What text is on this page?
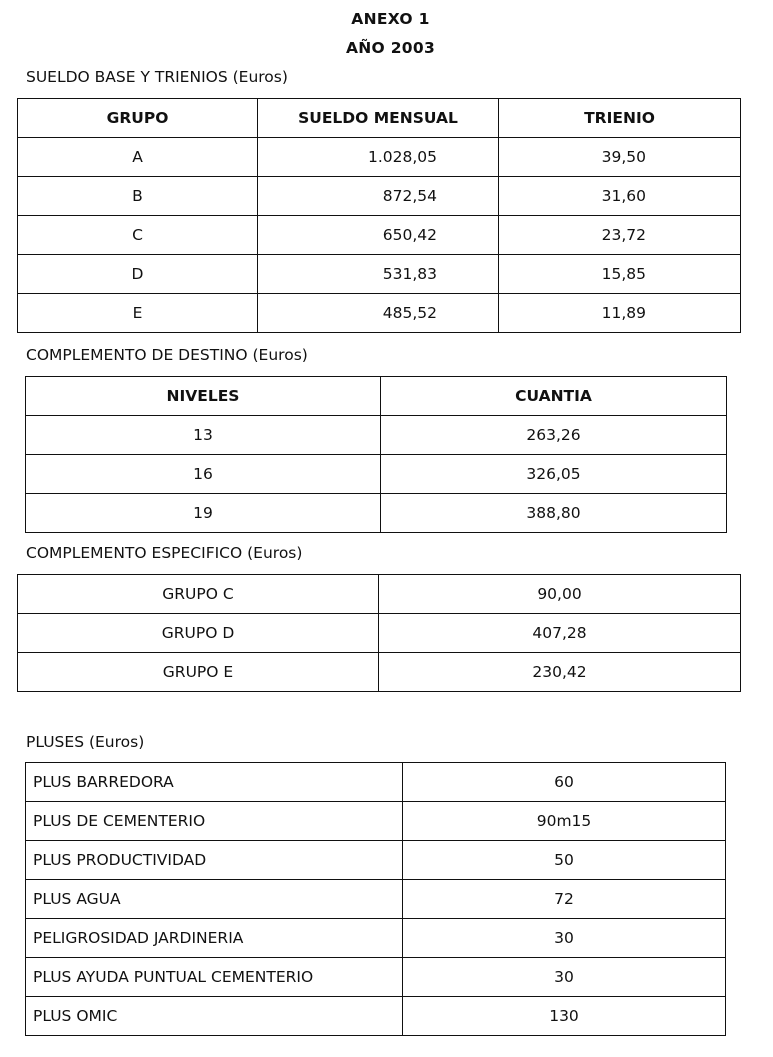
ANEXO 1
AÑO 2003
SUELDO BASE Y TRIENIOS (Euros)
GRUPO	SUELDO MENSUAL	TRIENIO
A	1.028,05	39,50
B	872,54	31,60
C	650,42	23,72
D	531,83	15,85
E	485,52	11,89
COMPLEMENTO DE DESTINO (Euros)
NIVELES	CUANTIA
13	263,26
16	326,05
19	388,80
COMPLEMENTO ESPECIFICO (Euros)
GRUPO C	90,00
GRUPO D	407,28
GRUPO E	230,42
PLUSES (Euros)
PLUS BARREDORA	60
PLUS DE CEMENTERIO	90m15
PLUS PRODUCTIVIDAD	50
PLUS AGUA	72
PELIGROSIDAD JARDINERIA	30
PLUS AYUDA PUNTUAL CEMENTERIO	30
PLUS OMIC	130
